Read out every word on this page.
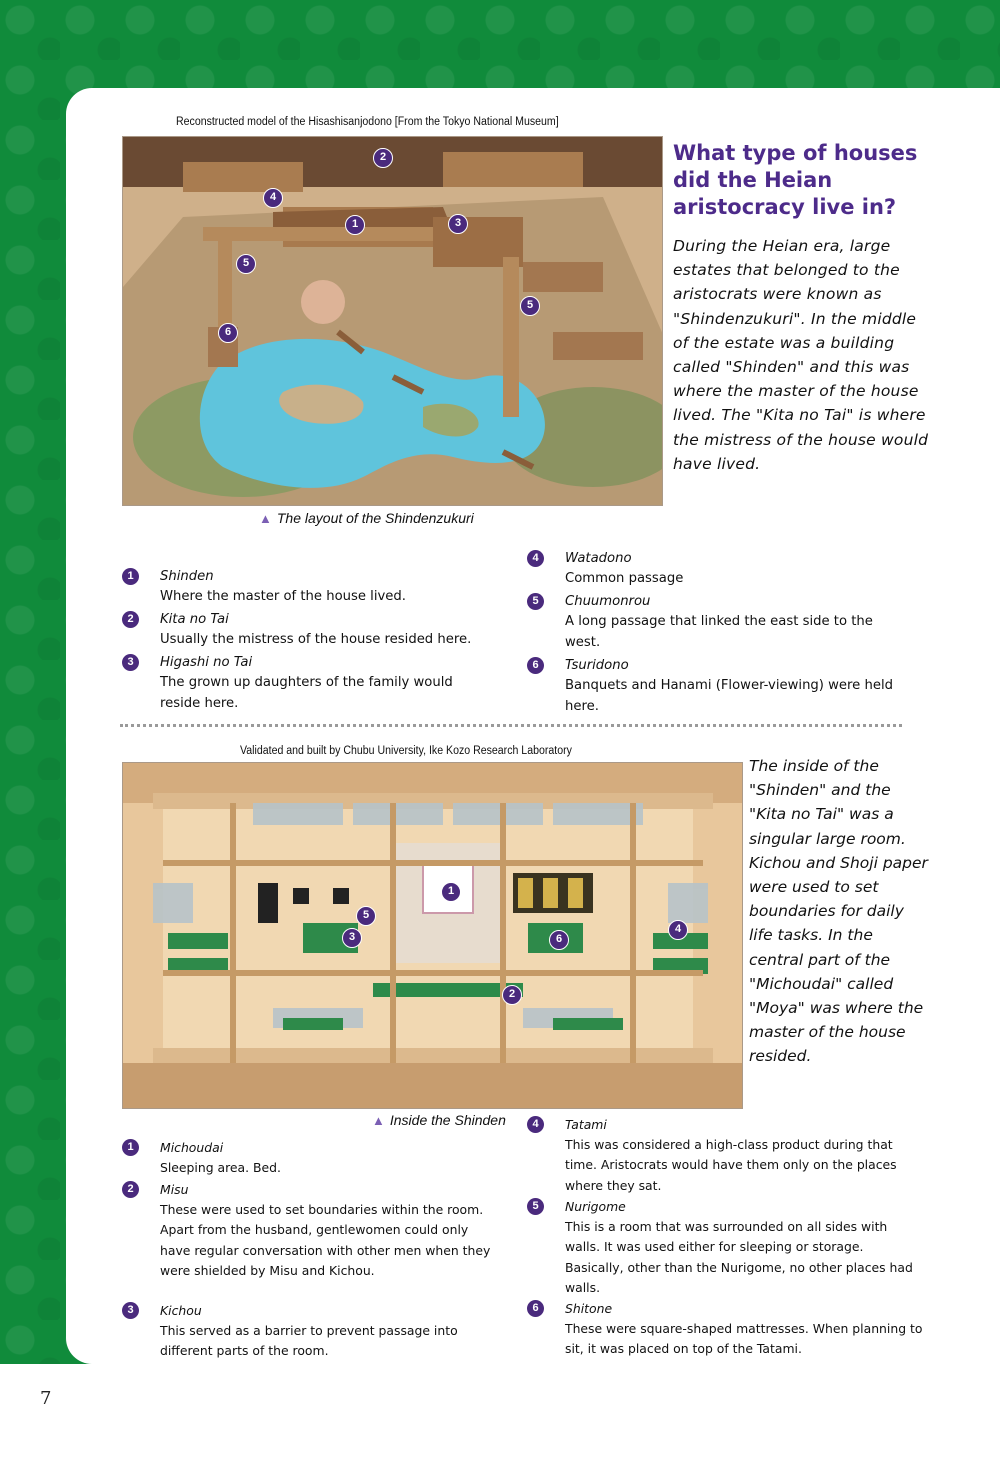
7
Reconstructed model of the Hisashisanjodono [From the Tokyo National Museum]
2
4
1	3
5
5
6
▲ The layout of the Shindenzukuri
What type of houses did the Heian aristocracy live in?
During the Heian era, large estates that belonged to the aristocrats were known as "Shindenzukuri". In the middle of the estate was a building called "Shinden" and this was where the master of the house lived. The "Kita no Tai" is where the mistress of the house would have lived.
1	Shinden
Where the master of the house lived.
2	Kita no Tai
Usually the mistress of the house resided here.
3	Higashi no Tai
The grown up daughters of the family would reside here.
4	Watadono
Common passage
5	Chuumonrou
A long passage that linked the east side to the west.
6	Tsuridono
Banquets and Hanami (Flower-viewing) were held here.
Validated and built by Chubu University, Ike Kozo Research Laboratory
1
5
3	6
4
2
▲ Inside the Shinden
The inside of the "Shinden" and the "Kita no Tai" was a singular large room. Kichou and Shoji paper were used to set boundaries for daily life tasks. In the central part of the "Michoudai" called "Moya" was where the master of the house resided.
1	Michoudai
Sleeping area. Bed.
2	Misu
These were used to set boundaries within the room. Apart from the husband, gentlewomen could only have regular conversation with other men when they were shielded by Misu and Kichou.
3	Kichou
This served as a barrier to prevent passage into different parts of the room.
4	Tatami
This was considered a high-class product during that time. Aristocrats would have them only on the places where they sat.
5	Nurigome
This is a room that was surrounded on all sides with walls. It was used either for sleeping or storage. Basically, other than the Nurigome, no other places had walls.
6	Shitone
These were square-shaped mattresses. When planning to sit, it was placed on top of the Tatami.
